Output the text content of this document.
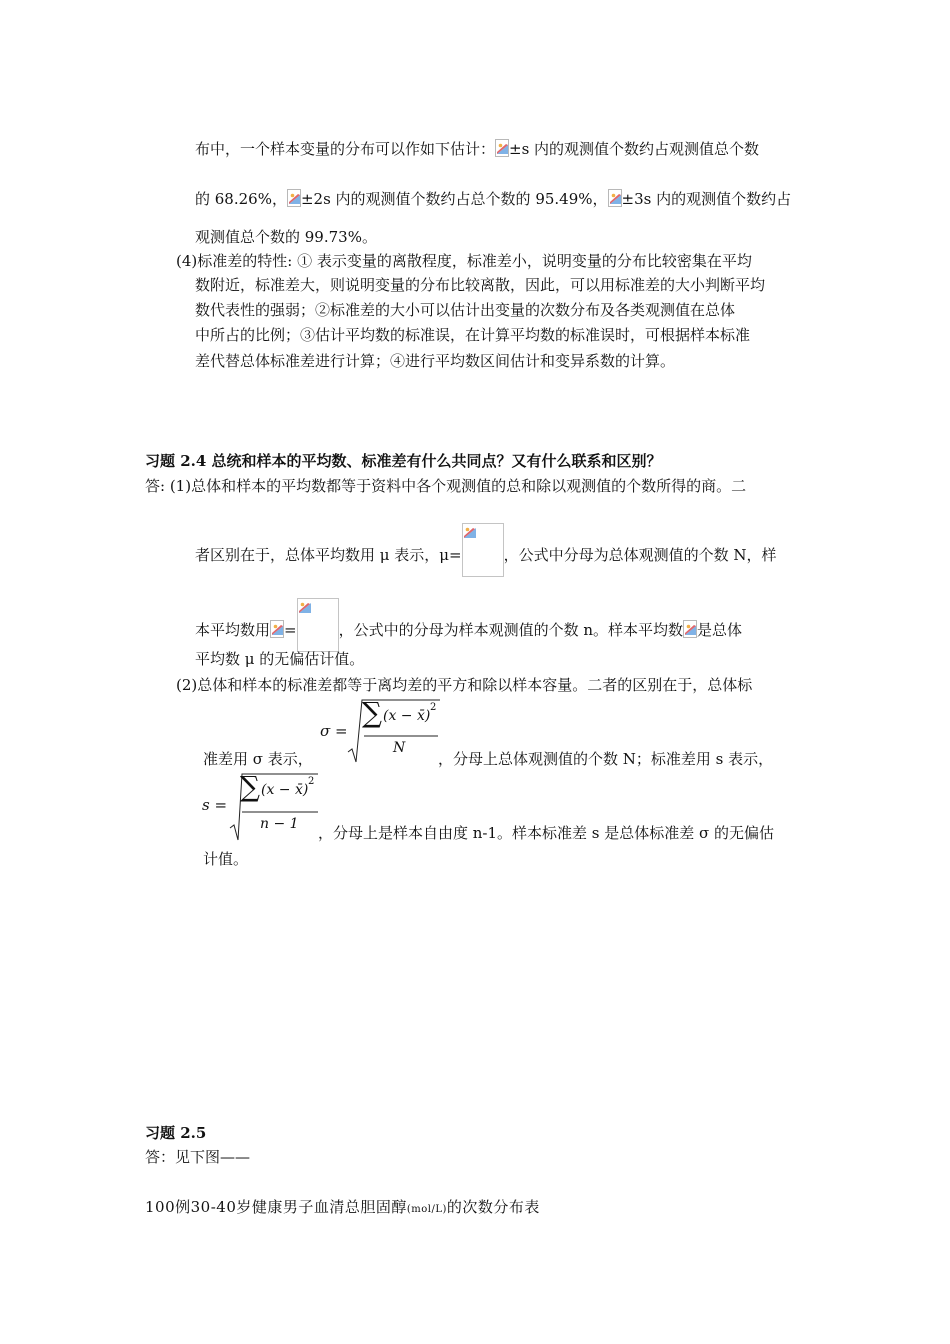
布中，一个样本变量的分布可以作如下估计： ±s 内的观测值个数约占观测值总个数
的 68.26%， ±2s 内的观测值个数约占总个数的 95.49%， ±3s 内的观测值个数约占
观测值总个数的 99.73%。
(4)标准差的特性: ① 表示变量的离散程度，标准差小，说明变量的分布比较密集在平均
数附近，标准差大，则说明变量的分布比较离散，因此，可以用标准差的大小判断平均
数代表性的强弱；②标准差的大小可以估计出变量的次数分布及各类观测值在总体
中所占的比例；③估计平均数的标准误，在计算平均数的标准误时，可根据样本标准
差代替总体标准差进行计算；④进行平均数区间估计和变异系数的计算。
习题 2.4 总统和样本的平均数、标准差有什么共同点？又有什么联系和区别？
答: (1)总体和样本的平均数都等于资料中各个观测值的总和除以观测值的个数所得的商。二
者区别在于，总体平均数用 μ 表示，μ=	，公式中分母为总体观测值的个数 N，样
本平均数用 =	，公式中的分母为样本观测值的个数 n。样本平均数 是总体
平均数 μ 的无偏估计值。
(2)总体和样本的标准差都等于离均差的平方和除以样本容量。二者的区别在于，总体标
σ =
∑ (x − x̄)
2
N
准差用 σ 表示，	，分母上总体观测值的个数 N；标准差用 s 表示，
s =
∑ (x − x̄)
2
n − 1 ，分母上是样本自由度 n-1。样本标准差 s 是总体标准差 σ 的无偏估
计值。
习题 2.5
答：见下图——
100例30-40岁健康男子血清总胆固醇(mol/L)的次数分布表
